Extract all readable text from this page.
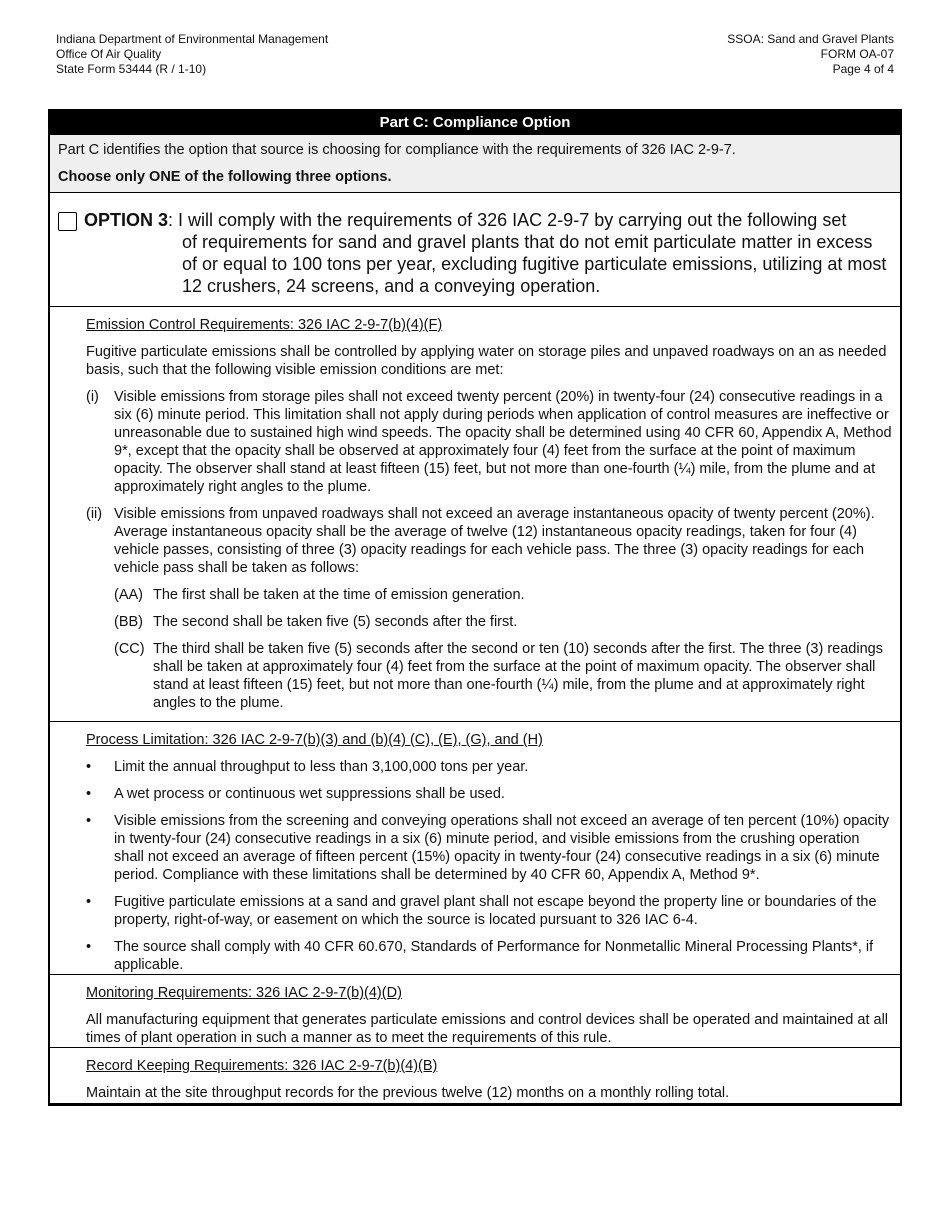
Indiana Department of Environmental Management
Office Of Air Quality
State Form 53444 (R / 1-10)
SSOA: Sand and Gravel Plants
FORM OA-07
Page 4 of 4
Part C: Compliance Option

Part C identifies the option that source is choosing for compliance with the requirements of 326 IAC 2-9-7.

Choose only ONE of the following three options.

OPTION 3 : I will comply with the requirements of 326 IAC 2-9-7 by carrying out the following set
of requirements for sand and gravel plants that do not emit particulate matter in excess of or equal to 100 tons per year, excluding fugitive particulate emissions, utilizing at most 12 crushers, 24 screens, and a conveying operation.
Emission Control Requirements: 326 IAC 2-9-7(b)(4)(F)
Fugitive particulate emissions shall be controlled by applying water on storage piles and unpaved roadways on an as needed basis, such that the following visible emission conditions are met:
(i)	Visible emissions from storage piles shall not exceed twenty percent (20%) in twenty-four (24) consecutive readings in a six (6) minute period. This limitation shall not apply during periods when application of control measures are ineffective or unreasonable due to sustained high wind speeds. The opacity shall be determined using 40 CFR 60, Appendix A, Method 9*, except that the opacity shall be observed at approximately four (4) feet from the surface at the point of maximum opacity. The observer shall stand at least fifteen (15) feet, but not more than one-fourth (¼) mile, from the plume and at approximately right angles to the plume.
(ii) Visible emissions from unpaved roadways shall not exceed an average instantaneous opacity of twenty percent (20%). Average instantaneous opacity shall be the average of twelve (12) instantaneous opacity readings, taken for four (4) vehicle passes, consisting of three (3) opacity readings for each vehicle pass. The three (3) opacity readings for each vehicle pass shall be taken as follows:
(AA) The first shall be taken at the time of emission generation.
(BB) The second shall be taken five (5) seconds after the first.
(CC) The third shall be taken five (5) seconds after the second or ten (10) seconds after the first. The three (3) readings shall be taken at approximately four (4) feet from the surface at the point of maximum opacity. The observer shall stand at least fifteen (15) feet, but not more than one-fourth (¼) mile, from the plume and at approximately right angles to the plume.
Process Limitation: 326 IAC 2-9-7(b)(3) and (b)(4) (C), (E), (G), and (H)
•
Limit the annual throughput to less than 3,100,000 tons per year.
•
A wet process or continuous wet suppressions shall be used.
•
Visible emissions from the screening and conveying operations shall not exceed an average of ten percent (10%) opacity in twenty-four (24) consecutive readings in a six (6) minute period, and visible emissions from the crushing operation shall not exceed an average of fifteen percent (15%) opacity in twenty-four (24) consecutive readings in a six (6) minute period. Compliance with these limitations shall be determined by 40 CFR 60, Appendix A, Method 9*.
•
Fugitive particulate emissions at a sand and gravel plant shall not escape beyond the property line or boundaries of the property, right-of-way, or easement on which the source is located pursuant to 326 IAC 6-4.
•
The source shall comply with 40 CFR 60.670, Standards of Performance for Nonmetallic Mineral Processing Plants*, if applicable.
Monitoring Requirements: 326 IAC 2-9-7(b)(4)(D)
All manufacturing equipment that generates particulate emissions and control devices shall be operated and maintained at all times of plant operation in such a manner as to meet the requirements of this rule.
Record Keeping Requirements: 326 IAC 2-9-7(b)(4)(B)
Maintain at the site throughput records for the previous twelve (12) months on a monthly rolling total.
